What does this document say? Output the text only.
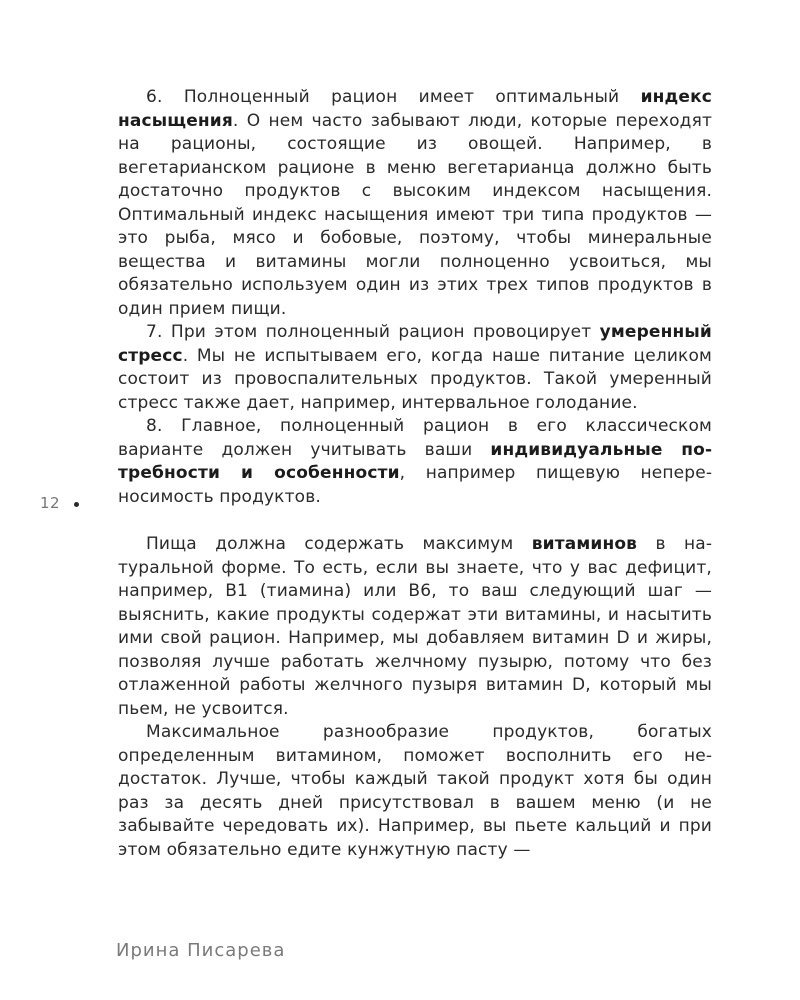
12

6. Полноценный рацион имеет оптимальный индекс насыщения. О нем часто забывают люди, которые переходят на рационы, состоящие из овощей. Например, в вегетарианском рационе в меню вегетарианца должно быть достаточно продуктов с высоким индексом насыщения. Оптимальный индекс насыщения имеют три типа продуктов — это рыба, мясо и бобовые, поэтому, чтобы минеральные вещества и витамины могли полноценно усвоиться, мы обязательно используем один из этих трех типов продуктов в один прием пищи.

7. При этом полноценный рацион провоцирует умеренный стресс. Мы не испытываем его, когда наше питание целиком состоит из провоспалительных продуктов. Такой умеренный стресс также дает, например, интервальное голодание.

8. Главное, полноценный рацион в его классическом варианте должен учитывать ваши индивидуальные потребности и особенности, например пищевую непереносимость продуктов.

Пища должна содержать максимум витаминов в натуральной форме. То есть, если вы знаете, что у вас дефицит, например, B1 (тиамина) или B6, то ваш следующий шаг — выяснить, какие продукты содержат эти витамины, и насытить ими свой рацион. Например, мы добавляем витамин D и жиры, позволяя лучше работать желчному пузырю, потому что без отлаженной работы желчного пузыря витамин D, который мы пьем, не усвоится.

Максимальное разнообразие продуктов, богатых определенным витамином, поможет восполнить его недостаток. Лучше, чтобы каждый такой продукт хотя бы один раз за десять дней присутствовал в вашем меню (и не забывайте чередовать их). Например, вы пьете кальций и при этом обязательно едите кунжутную пасту —

Ирина Писарева
